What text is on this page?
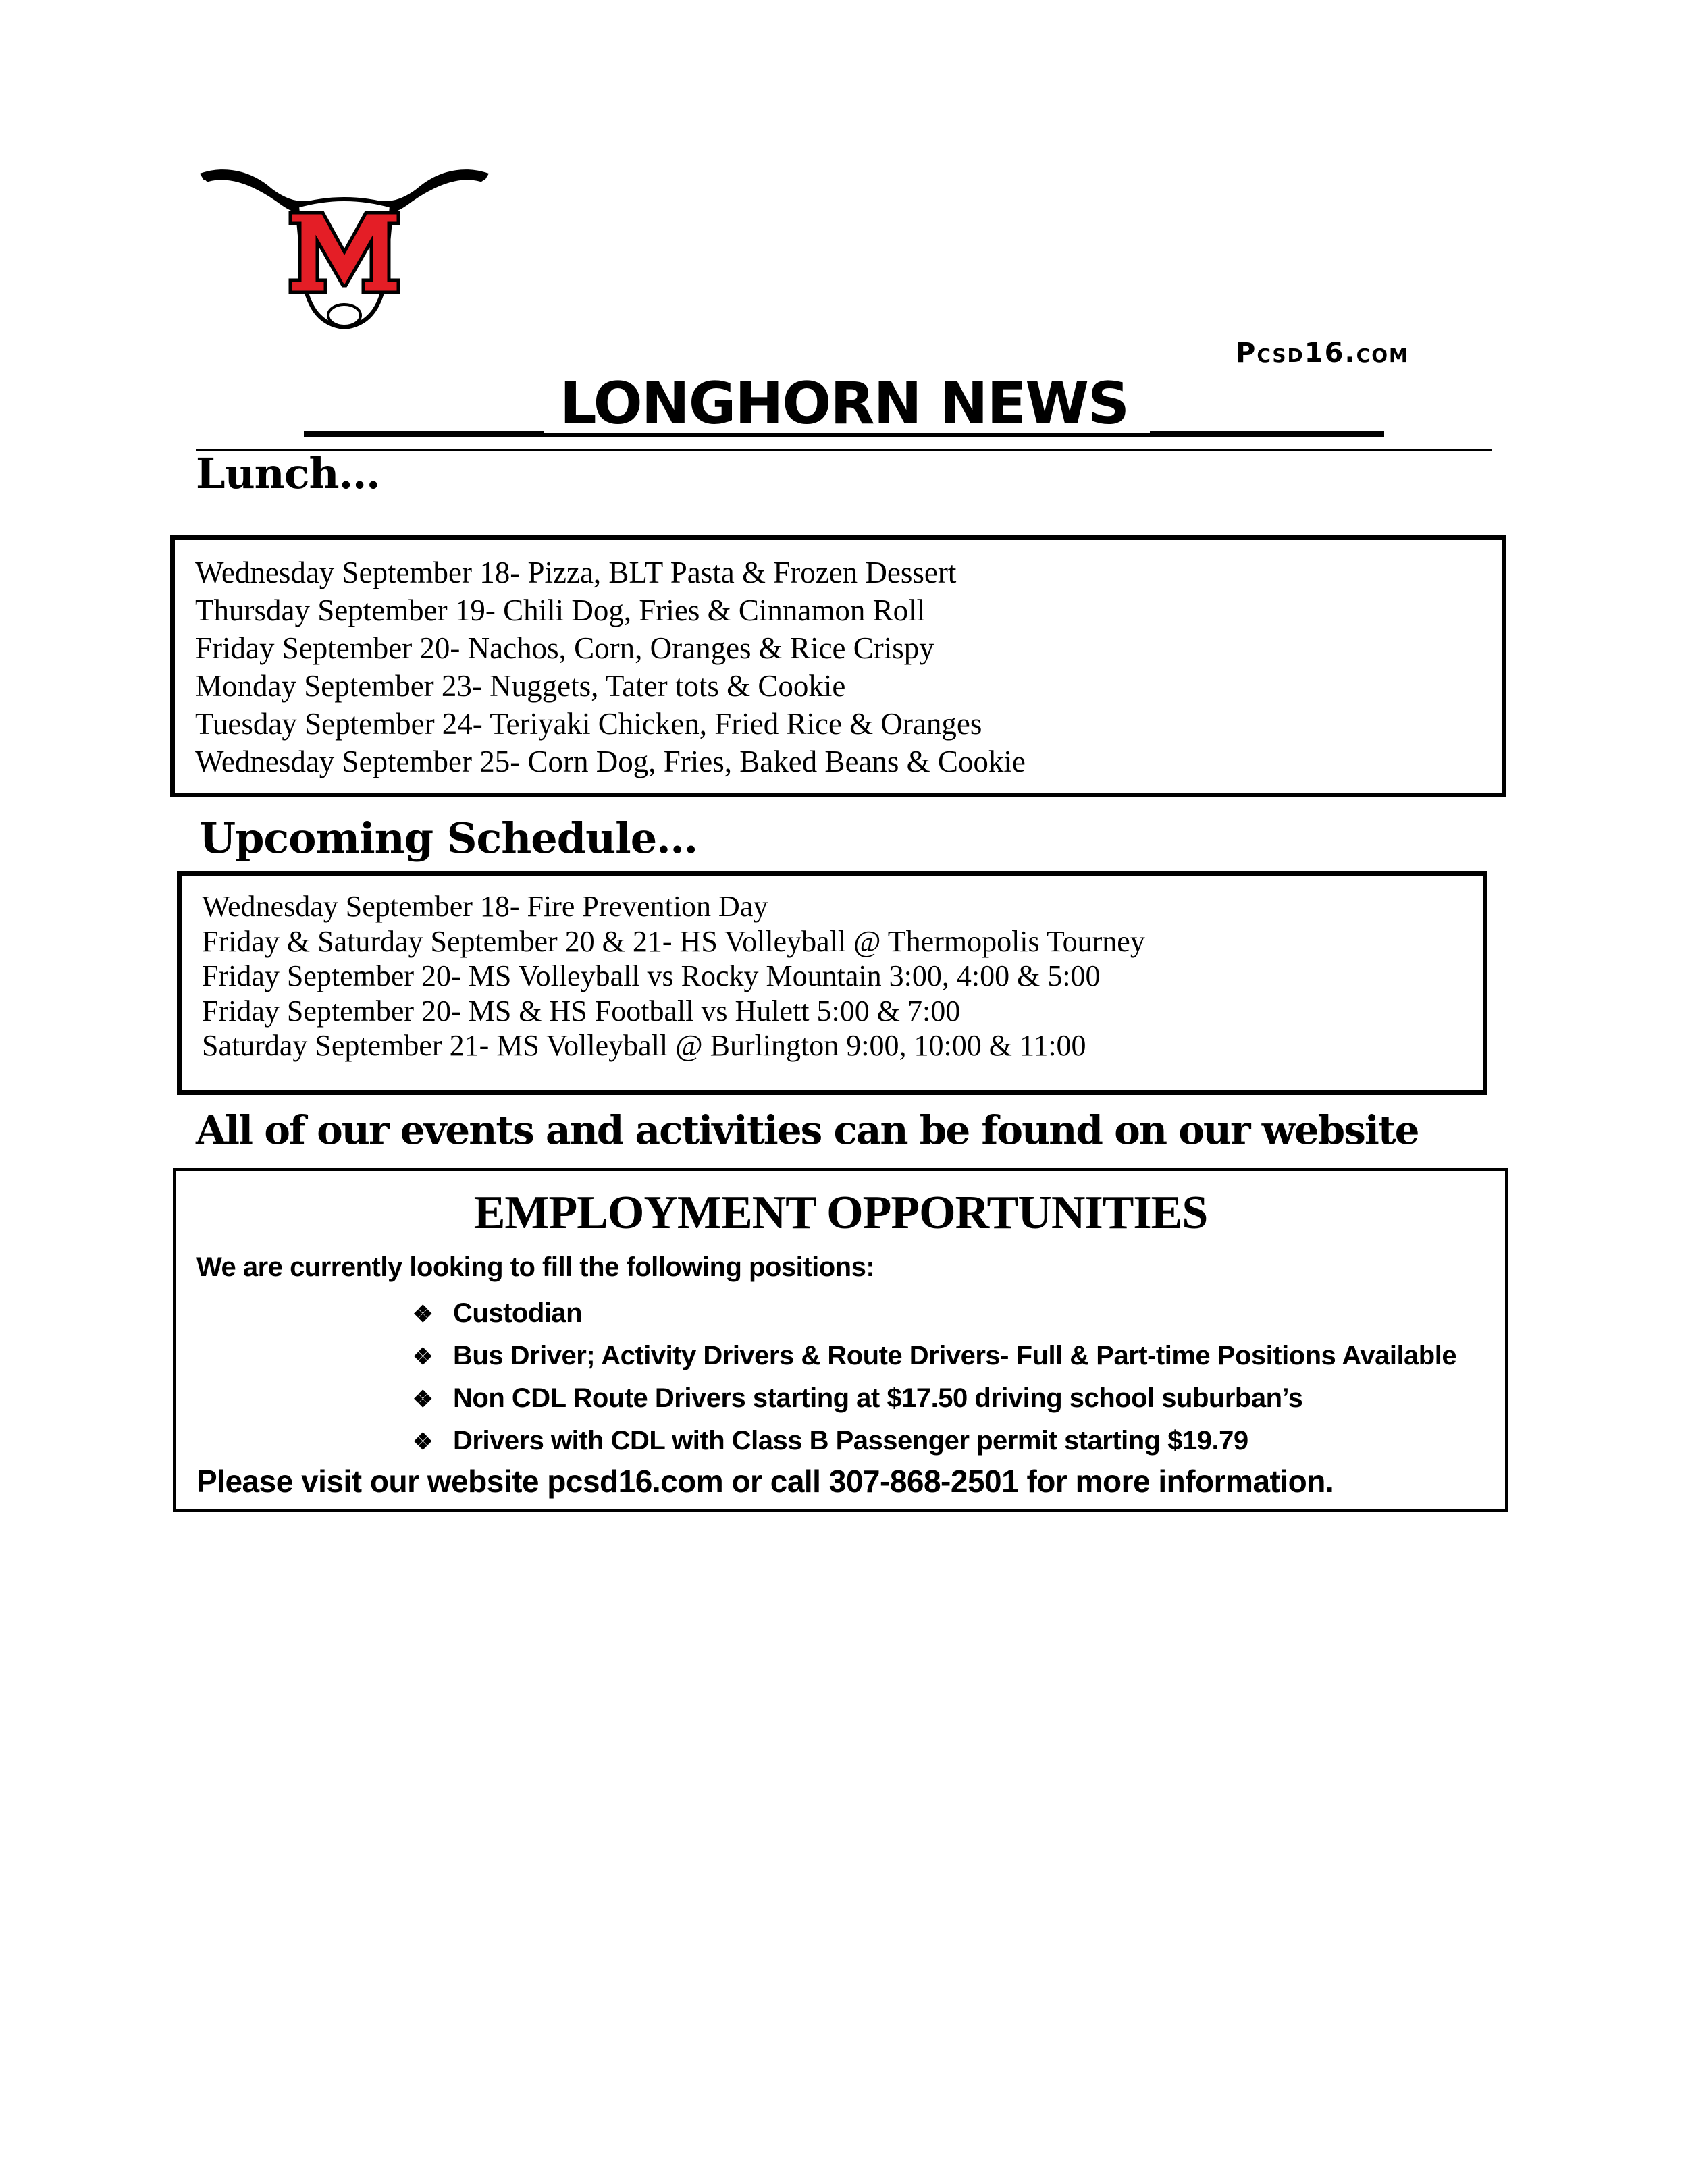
Pcsd16.com
LONGHORN NEWS
Lunch…
Wednesday September 18- Pizza, BLT Pasta & Frozen Dessert
Thursday September 19- Chili Dog, Fries & Cinnamon Roll
Friday September 20- Nachos, Corn, Oranges & Rice Crispy
Monday September 23- Nuggets, Tater tots & Cookie
Tuesday September 24- Teriyaki Chicken, Fried Rice & Oranges
Wednesday September 25- Corn Dog, Fries, Baked Beans & Cookie
Upcoming Schedule…
Wednesday September 18- Fire Prevention Day
Friday & Saturday September 20 & 21- HS Volleyball @ Thermopolis Tourney
Friday September 20- MS Volleyball vs Rocky Mountain 3:00, 4:00 & 5:00
Friday September 20- MS & HS Football vs Hulett 5:00 & 7:00
Saturday September 21- MS Volleyball @ Burlington 9:00, 10:00 & 11:00
All of our events and activities can be found on our website
EMPLOYMENT OPPORTUNITIES
We are currently looking to fill the following positions:
❖ Custodian
❖ Bus Driver; Activity Drivers & Route Drivers- Full & Part-time Positions Available
❖ Non CDL Route Drivers starting at $17.50 driving school suburban’s
❖ Drivers with CDL with Class B Passenger permit starting $19.79
Please visit our website pcsd16.com or call 307-868-2501 for more information.
